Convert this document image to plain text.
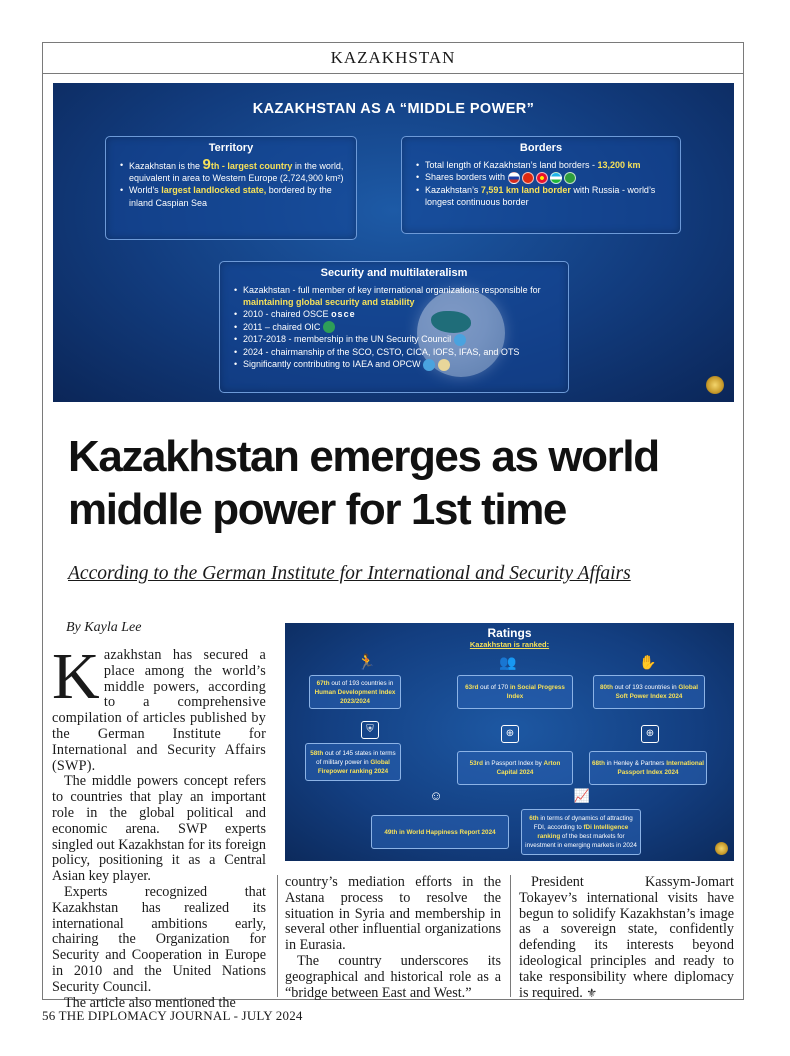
KAZAKHSTAN
KAZAKHSTAN AS A “MIDDLE POWER”
Territory
• Kazakhstan is the 9th - largest country in the world, equivalent in area to Western Europe (2,724,900 km²)
• World’s largest landlocked state, bordered by the inland Caspian Sea
Borders
• Total length of Kazakhstan’s land borders - 13,200 km
• Shares borders with
• Kazakhstan’s 7,591 km land border with Russia - world’s longest continuous border
Security and multilateralism
• Kazakhstan - full member of key international organizations responsible for maintaining global security and stability
• 2010 - chaired OSCE osce
• 2011 – chaired OIC
• 2017-2018 - membership in the UN Security Council
• 2024 - chairmanship of the SCO, CSTO, CICA, IOFS, IFAS, and OTS
• Significantly contributing to IAEA and OPCW
Kazakhstan emerges as world middle power for 1st time
According to the German Institute for International and Security Affairs
By Kayla Lee

Kazakhstan has secured a place among the world’s middle powers, according to a comprehensive compilation of articles published by the German Institute for International and Security Affairs (SWP).

The middle powers concept refers to countries that play an important role in the global political and economic arena. SWP experts singled out Kazakhstan for its foreign policy, positioning it as a Central Asian key player.

Experts recognized that Kazakhstan has realized its international ambitions early, chairing the Organization for Security and Cooperation in Europe in 2010 and the United Nations Security Council.

The article also mentioned the

Ratings
Kazakhstan is ranked:
🏃	👥	✋
67th out of 193 countries in Human Development Index 2023/2024
63rd out of 170 in Social Progress Index
80th out of 193 countries in Global Soft Power Index 2024
⛨	⊕	⊕
58th out of 145 states in terms of military power in Global Firepower ranking 2024
53rd in Passport Index by Arton Capital 2024
68th in Henley & Partners International Passport Index 2024
☺	📈
49th in World Happiness Report 2024
6th in terms of dynamics of attracting FDI, according to fDi Intelligence ranking of the best markets for investment in emerging markets in 2024

country’s mediation efforts in the Astana process to resolve the situation in Syria and membership in several other influential organizations in Eurasia.

The country underscores its geographical and historical role as a “bridge between East and West.”

President Kassym-Jomart Tokayev’s international visits have begun to solidify Kazakhstan’s image as a sovereign state, confidently defending its interests beyond ideological principles and ready to take responsibility where diplomacy is required. ⚜

56 THE DIPLOMACY JOURNAL - JULY 2024
